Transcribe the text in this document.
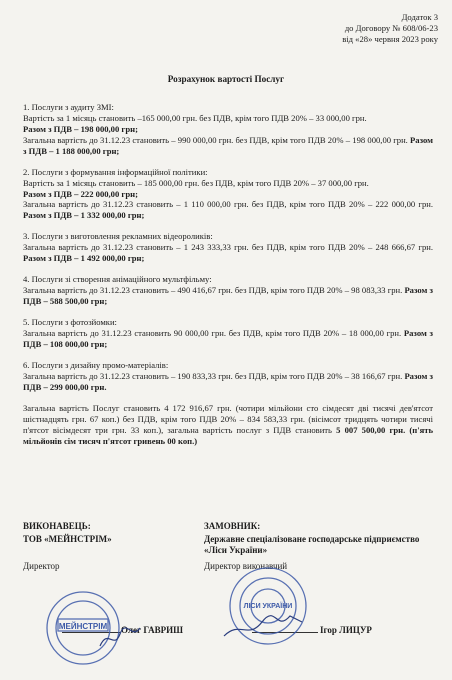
Додаток 3
до Договору № 608/06-23
від «28» червня 2023 року
Розрахунок вартості Послуг
1. Послуги з аудиту ЗМІ:
Вартість за 1 місяць становить –165 000,00 грн. без ПДВ, крім того ПДВ 20% – 33 000,00 грн.
Разом з ПДВ – 198 000,00 грн;
Загальна вартість до 31.12.23 становить – 990 000,00 грн. без ПДВ, крім того ПДВ 20% – 198 000,00 грн. Разом з ПДВ – 1 188 000,00 грн;
2. Послуги з формування інформаційної політики:
Вартість за 1 місяць становить – 185 000,00 грн. без ПДВ, крім того ПДВ 20% – 37 000,00 грн.
Разом з ПДВ – 222 000,00 грн;
Загальна вартість до 31.12.23 становить – 1 110 000,00 грн. без ПДВ, крім того ПДВ 20% – 222 000,00 грн. Разом з ПДВ – 1 332 000,00 грн;
3. Послуги з виготовлення рекламних відеороликів:
Загальна вартість до 31.12.23 становить – 1 243 333,33 грн. без ПДВ, крім того ПДВ 20% – 248 666,67 грн. Разом з ПДВ – 1 492 000,00 грн;
4. Послуги зі створення анімаційного мультфільму:
Загальна вартість до 31.12.23 становить – 490 416,67 грн. без ПДВ, крім того ПДВ 20% – 98 083,33 грн. Разом з ПДВ – 588 500,00 грн;
5. Послуги з фотозйомки:
Загальна вартість до 31.12.23 становить 90 000,00 грн. без ПДВ, крім того ПДВ 20% – 18 000,00 грн. Разом з ПДВ – 108 000,00 грн;
6. Послуги з дизайну промо-матеріалів:
Загальна вартість до 31.12.23 становить – 190 833,33 грн. без ПДВ, крім того ПДВ 20% – 38 166,67 грн. Разом з ПДВ – 299 000,00 грн.
Загальна вартість Послуг становить 4 172 916,67 грн. (чотири мільйони сто сімдесят дві тисячі дев'ятсот шістнадцять грн. 67 коп.) без ПДВ, крім того ПДВ 20% – 834 583,33 грн. (вісімсот тридцять чотири тисячі п'ятсот вісімдесят три грн. 33 коп.), загальна вартість послуг з ПДВ становить 5 007 500,00 грн. (п'ять мільйонів сім тисяч п'ятсот гривень 00 коп.)
ВИКОНАВЕЦЬ:
ТОВ «МЕЙНСТРІМ»
Директор
ЗАМОВНИК:
Державне спеціалізоване господарське підприємство «Ліси України»
Директор виконавчий
Олег ГАВРИШ	Ігор ЛИЦУР
МЕЙНСТРІМ
ЛІСИ УКРАЇНИ
